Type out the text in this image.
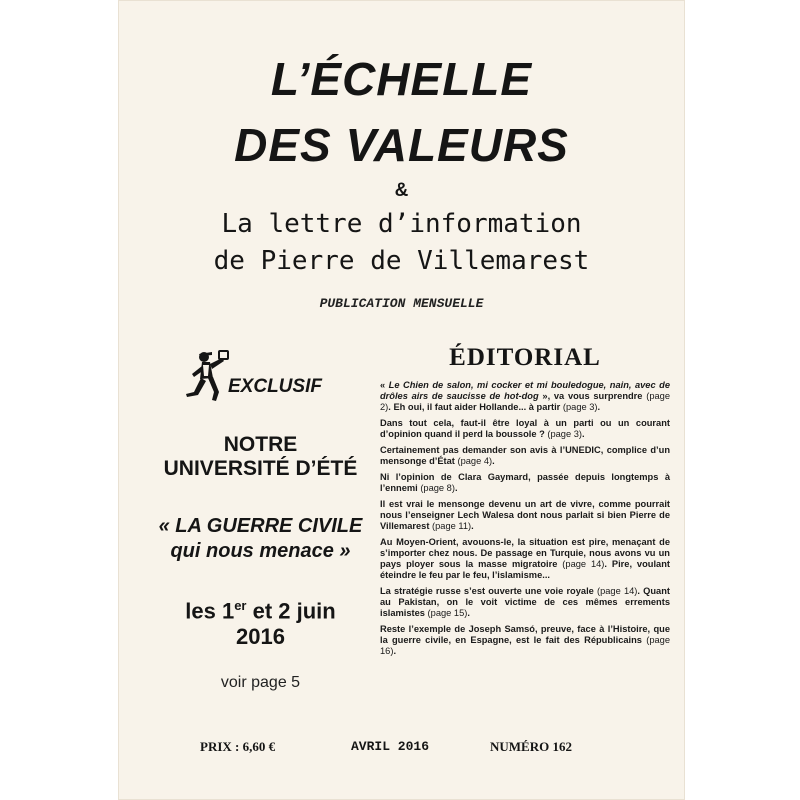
L’ÉCHELLE
DES VALEURS
&
La lettre d’information
de Pierre de Villemarest
PUBLICATION MENSUELLE
EXCLUSIF
NOTRE
UNIVERSITÉ D’ÉTÉ
« LA GUERRE CIVILE
qui nous menace »
les 1er et 2 juin
2016
voir page 5
ÉDITORIAL

« Le Chien de salon, mi cocker et mi bouledogue, nain, avec de drôles airs de saucisse de hot-dog », va vous surprendre (page 2). Eh oui, il faut aider Hollande... à partir (page 3).

Dans tout cela, faut-il être loyal à un parti ou un courant d’opinion quand il perd la boussole ? (page 3).

Certainement pas demander son avis à l’UNEDIC, complice d’un mensonge d’État (page 4).

Ni l’opinion de Clara Gaymard, passée depuis longtemps à l’ennemi (page 8).

Il est vrai le mensonge devenu un art de vivre, comme pourrait nous l’enseigner Lech Walesa dont nous parlait si bien Pierre de Villemarest (page 11).

Au Moyen-Orient, avouons-le, la situation est pire, menaçant de s’importer chez nous. De passage en Turquie, nous avons vu un pays ployer sous la masse migratoire (page 14). Pire, voulant éteindre le feu par le feu, l’islamisme...

La stratégie russe s’est ouverte une voie royale (page 14). Quant au Pakistan, on le voit victime de ces mêmes errements islamistes (page 15).

Reste l’exemple de Joseph Samsó, preuve, face à l’Histoire, que la guerre civile, en Espagne, est le fait des Républicains (page 16).

PRIX : 6,60 €	AVRIL 2016	NUMÉRO 162
